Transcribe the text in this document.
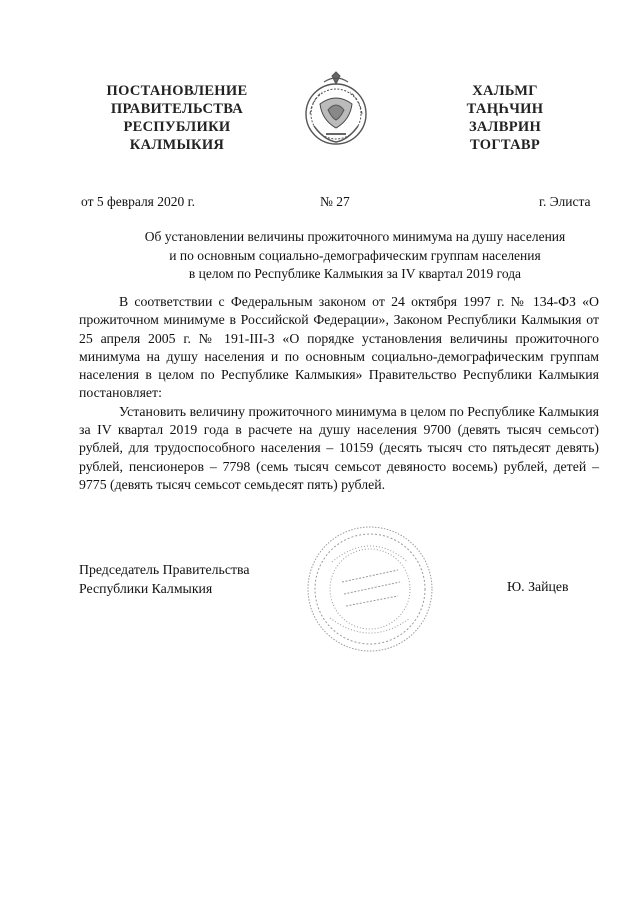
ПОСТАНОВЛЕНИЕ
ПРАВИТЕЛЬСТВА
РЕСПУБЛИКИ
КАЛМЫКИЯ
ХАЛЬМГ
ТАҢҺЧИН
ЗАЛВРИН
ТОГТАВР
от 5 февраля 2020 г.	№ 27	г. Элиста
Об установлении величины прожиточного минимума на душу населения
и по основным социально-демографическим группам населения
в целом по Республике Калмыкия за IV квартал 2019 года

В соответствии с Федеральным законом от 24 октября 1997 г. № 134-ФЗ «О прожиточном минимуме в Российской Федерации», Законом Республики Калмыкия от 25 апреля 2005 г. № 191-III-З «О порядке установления величины прожиточного минимума на душу населения и по основным социально-демографическим группам населения в целом по Республике Калмыкия» Правительство Республики Калмыкия постановляет:

Установить величину прожиточного минимума в целом по Республике Калмыкия за IV квартал 2019 года в расчете на душу населения 9700 (девять тысяч семьсот) рублей, для трудоспособного населения – 10159 (десять тысяч сто пятьдесят девять) рублей, пенсионеров – 7798 (семь тысяч семьсот девяносто восемь) рублей, детей – 9775 (девять тысяч семьсот семьдесят пять) рублей.

Председатель Правительства
Республики Калмыкия	Ю. Зайцев
